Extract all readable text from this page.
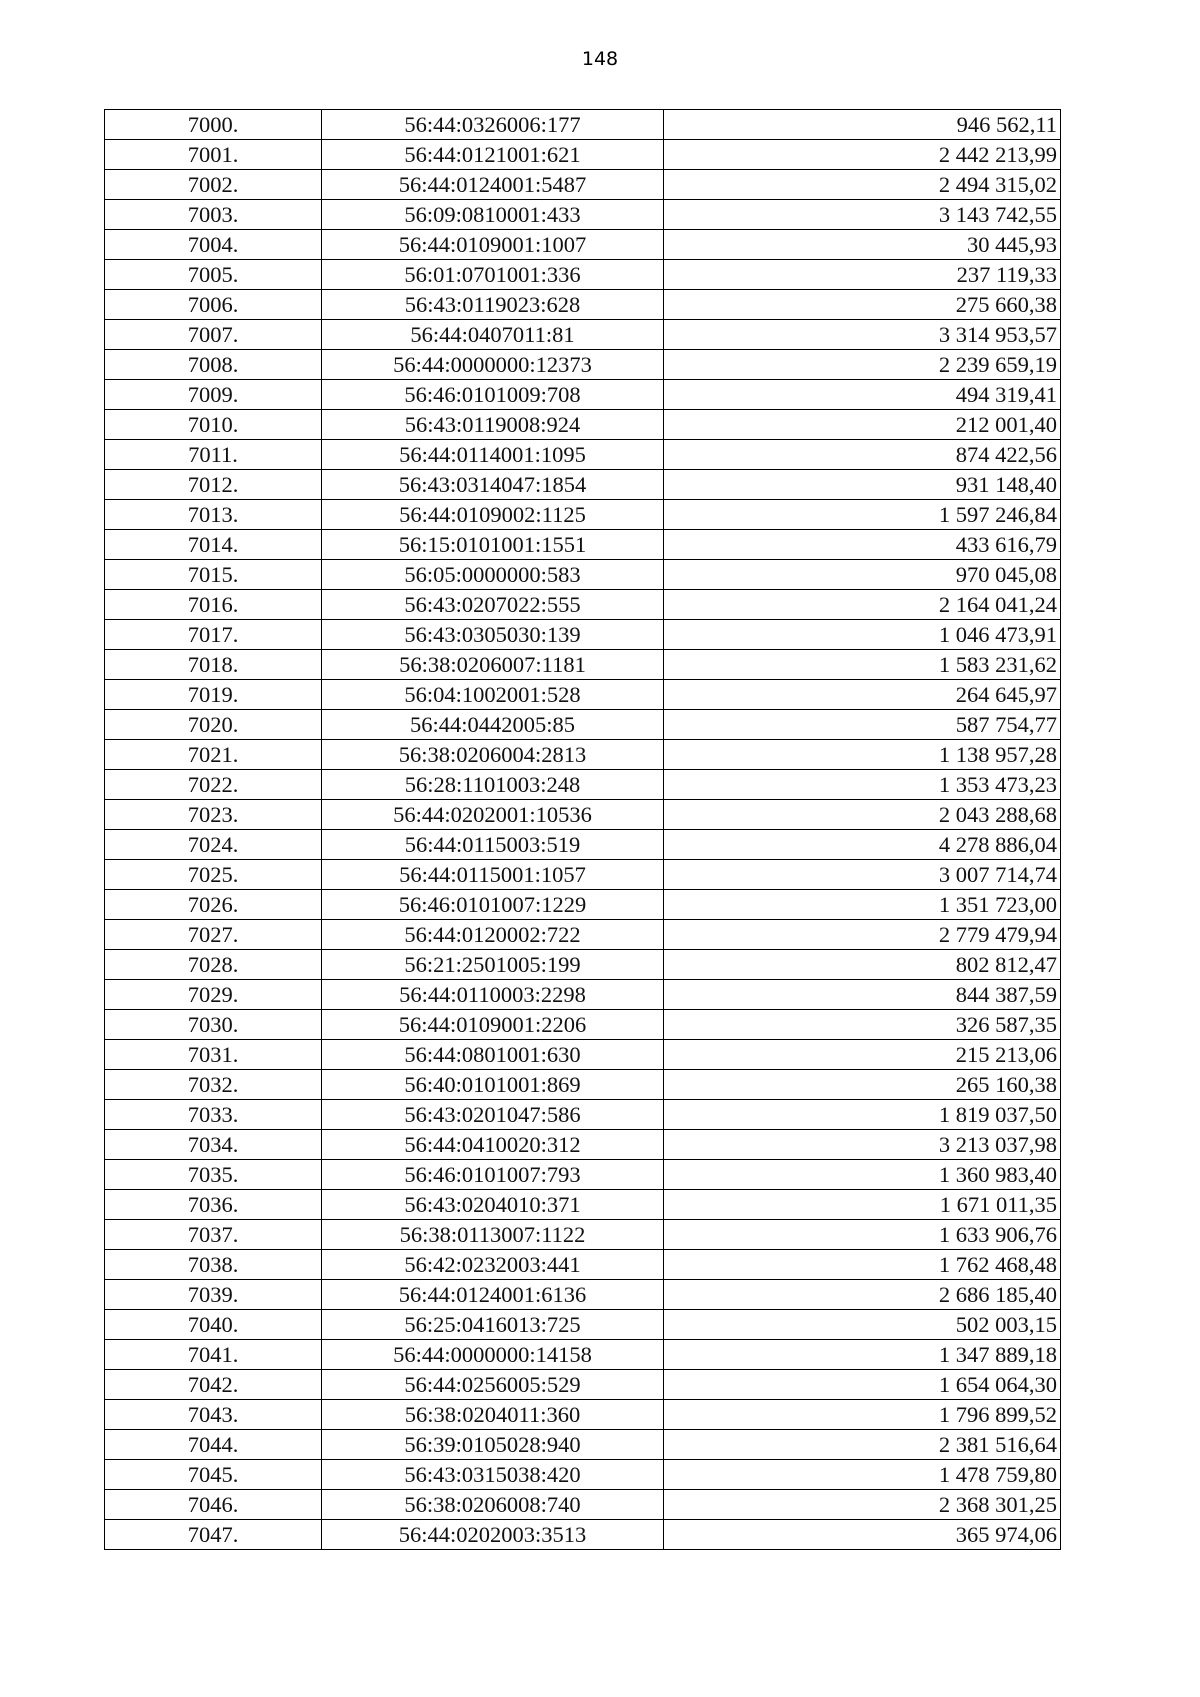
148
7000.	56:44:0326006:177	946 562,11
7001.	56:44:0121001:621	2 442 213,99
7002.	56:44:0124001:5487	2 494 315,02
7003.	56:09:0810001:433	3 143 742,55
7004.	56:44:0109001:1007	30 445,93
7005.	56:01:0701001:336	237 119,33
7006.	56:43:0119023:628	275 660,38
7007.	56:44:0407011:81	3 314 953,57
7008.	56:44:0000000:12373	2 239 659,19
7009.	56:46:0101009:708	494 319,41
7010.	56:43:0119008:924	212 001,40
7011.	56:44:0114001:1095	874 422,56
7012.	56:43:0314047:1854	931 148,40
7013.	56:44:0109002:1125	1 597 246,84
7014.	56:15:0101001:1551	433 616,79
7015.	56:05:0000000:583	970 045,08
7016.	56:43:0207022:555	2 164 041,24
7017.	56:43:0305030:139	1 046 473,91
7018.	56:38:0206007:1181	1 583 231,62
7019.	56:04:1002001:528	264 645,97
7020.	56:44:0442005:85	587 754,77
7021.	56:38:0206004:2813	1 138 957,28
7022.	56:28:1101003:248	1 353 473,23
7023.	56:44:0202001:10536	2 043 288,68
7024.	56:44:0115003:519	4 278 886,04
7025.	56:44:0115001:1057	3 007 714,74
7026.	56:46:0101007:1229	1 351 723,00
7027.	56:44:0120002:722	2 779 479,94
7028.	56:21:2501005:199	802 812,47
7029.	56:44:0110003:2298	844 387,59
7030.	56:44:0109001:2206	326 587,35
7031.	56:44:0801001:630	215 213,06
7032.	56:40:0101001:869	265 160,38
7033.	56:43:0201047:586	1 819 037,50
7034.	56:44:0410020:312	3 213 037,98
7035.	56:46:0101007:793	1 360 983,40
7036.	56:43:0204010:371	1 671 011,35
7037.	56:38:0113007:1122	1 633 906,76
7038.	56:42:0232003:441	1 762 468,48
7039.	56:44:0124001:6136	2 686 185,40
7040.	56:25:0416013:725	502 003,15
7041.	56:44:0000000:14158	1 347 889,18
7042.	56:44:0256005:529	1 654 064,30
7043.	56:38:0204011:360	1 796 899,52
7044.	56:39:0105028:940	2 381 516,64
7045.	56:43:0315038:420	1 478 759,80
7046.	56:38:0206008:740	2 368 301,25
7047.	56:44:0202003:3513	365 974,06
